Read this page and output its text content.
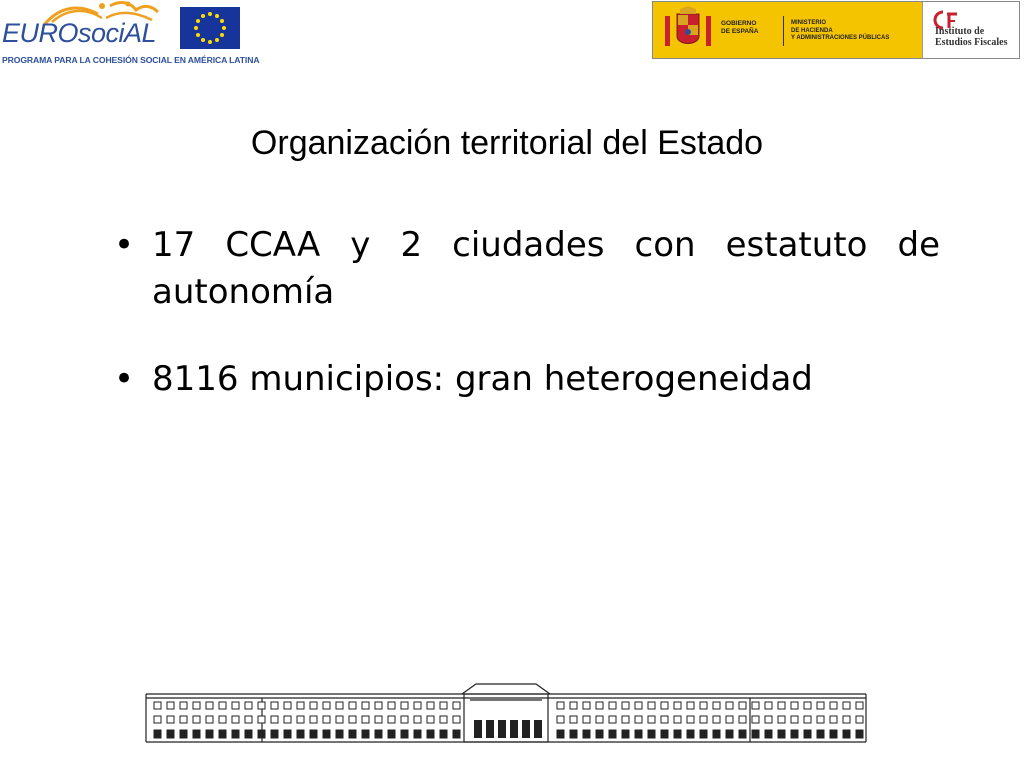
EUROsociAL
PROGRAMA PARA LA COHESIÓN SOCIAL EN AMÉRICA LATINA
GOBIERNO
DE ESPAÑA
MINISTERIO
DE HACIENDA
Y ADMINISTRACIONES PÚBLICAS
Instituto de
Estudios Fiscales
Organización territorial del Estado
• 17 CCAA y 2 ciudades con estatuto de autonomía
• 8116 municipios: gran heterogeneidad
